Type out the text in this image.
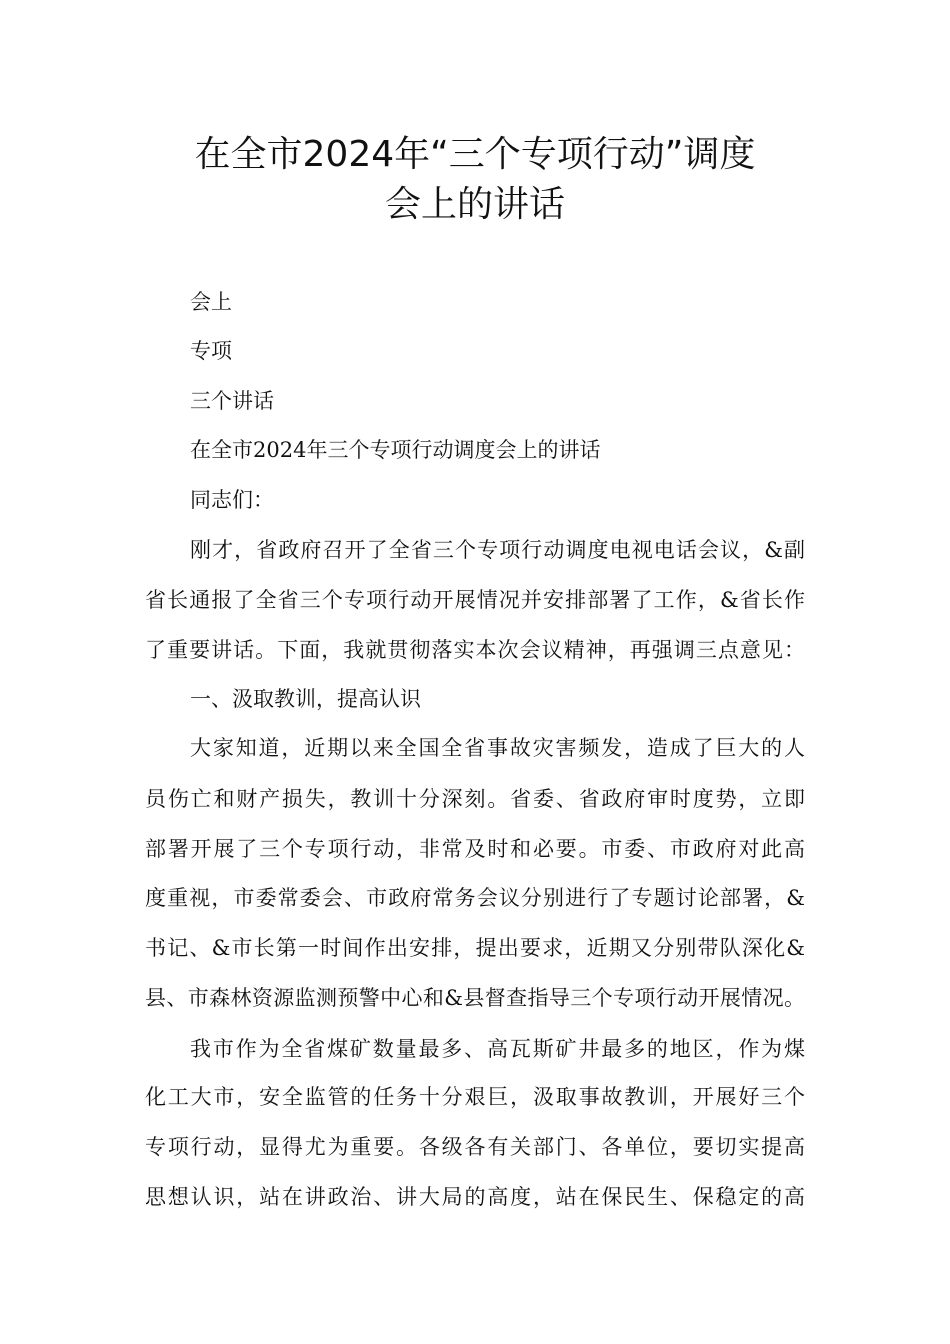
在全市2024年“三个专项行动”调度
会上的讲话

会上

专项

三个讲话

在全市2024年三个专项行动调度会上的讲话

同志们：

刚才，省政府召开了全省三个专项行动调度电视电话会议，&副

省长通报了全省三个专项行动开展情况并安排部署了工作，&省长作

了重要讲话。下面，我就贯彻落实本次会议精神，再强调三点意见：

一、汲取教训，提高认识

大家知道，近期以来全国全省事故灾害频发，造成了巨大的人

员伤亡和财产损失，教训十分深刻。省委、省政府审时度势，立即

部署开展了三个专项行动，非常及时和必要。市委、市政府对此高

度重视，市委常委会、市政府常务会议分别进行了专题讨论部署，&

书记、&市长第一时间作出安排，提出要求，近期又分别带队深化&

县、市森林资源监测预警中心和&县督查指导三个专项行动开展情况。

我市作为全省煤矿数量最多、高瓦斯矿井最多的地区，作为煤

化工大市，安全监管的任务十分艰巨，汲取事故教训，开展好三个

专项行动，显得尤为重要。各级各有关部门、各单位，要切实提高

思想认识，站在讲政治、讲大局的高度，站在保民生、保稳定的高
